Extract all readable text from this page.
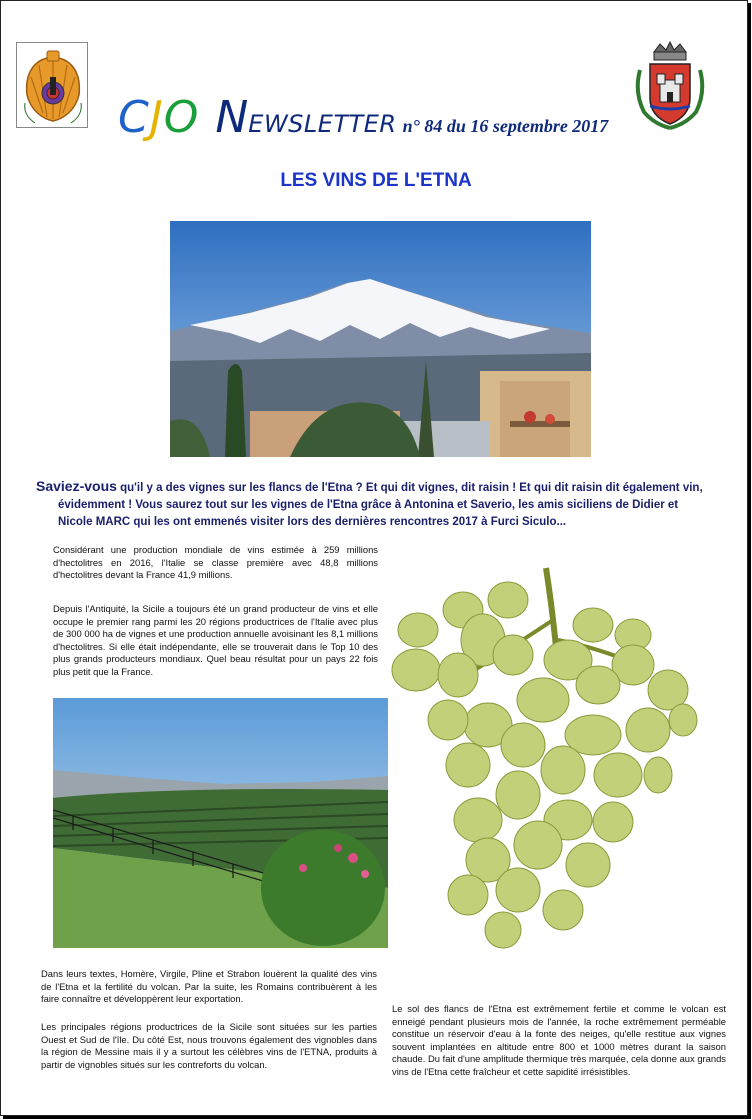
CJO NEWSLETTER n° 84 du 16 septembre 2017
LES VINS DE L'ETNA
Saviez-vous qu'il y a des vignes sur les flancs de l'Etna ? Et qui dit vignes, dit raisin ! Et qui dit raisin dit également vin,
évidemment ! Vous saurez tout sur les vignes de l'Etna grâce à Antonina et Saverio, les amis siciliens de Didier et Nicole MARC qui les ont emmenés visiter lors des dernières rencontres 2017 à Furci Siculo...

Considérant une production mondiale de vins estimée à 259 millions d'hectolitres en 2016, l'Italie se classe première avec 48,8 millions d'hectolitres devant la France 41,9 millions.

Depuis l'Antiquité, la Sicile a toujours été un grand producteur de vins et elle occupe le premier rang parmi les 20 régions productrices de l'Italie avec plus de 300 000 ha de vignes et une production annuelle avoisinant les 8,1 millions d'hectolitres. Si elle était indépendante, elle se trouverait dans le Top 10 des plus grands producteurs mondiaux. Quel beau résultat pour un pays 22 fois plus petit que la France.

Dans leurs textes, Homère, Virgile, Pline et Strabon louèrent la qualité des vins de l'Etna et la fertilité du volcan. Par la suite, les Romains contribuèrent à les faire connaître et développèrent leur exportation.

Les principales régions productrices de la Sicile sont situées sur les parties Ouest et Sud de l'île. Du côté Est, nous trouvons également des vignobles dans la région de Messine mais il y a surtout les célèbres vins de l'ETNA, produits à partir de vignobles situés sur les contreforts du volcan.

Le sol des flancs de l'Etna est extrêmement fertile et comme le volcan est enneigé pendant plusieurs mois de l'année, la roche extrêmement perméable constitue un réservoir d'eau à la fonte des neiges, qu'elle restitue aux vignes souvent implantées en altitude entre 800 et 1000 mètres durant la saison chaude. Du fait d'une amplitude thermique très marquée, cela donne aux grands vins de l'Etna cette fraîcheur et cette sapidité irrésistibles.
